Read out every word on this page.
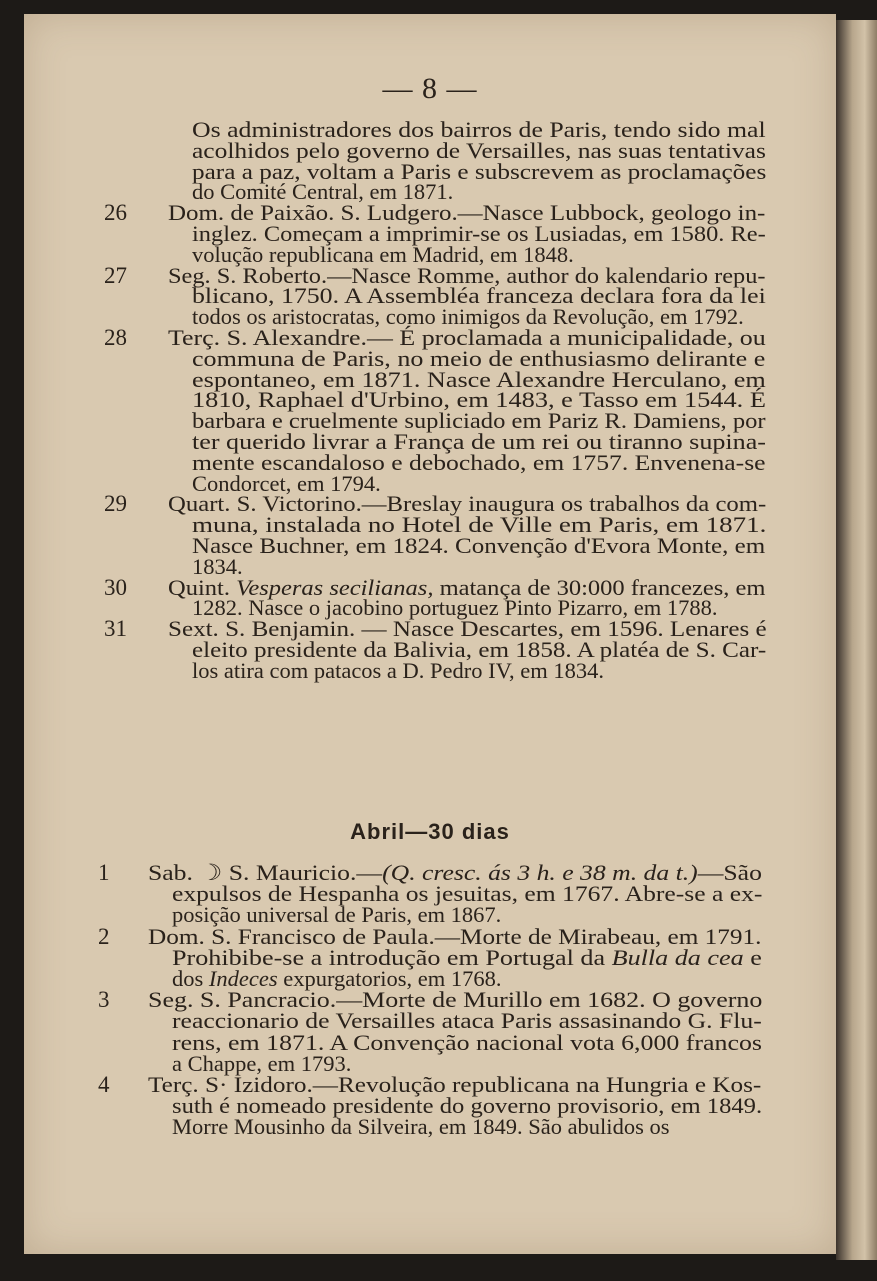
— 8 —
Abril—30 dias
Os administradores dos bairros de Paris, tendo sido mal
acolhidos pelo governo de Versailles, nas suas tentativas
para a paz, voltam a Paris e subscrevem as proclamações
do Comité Central, em 1871.
26 Dom. de Paixão. S. Ludgero.—Nasce Lubbock, geologo in-
inglez. Começam a imprimir-se os Lusiadas, em 1580. Re-
volução republicana em Madrid, em 1848.
27 Seg. S. Roberto.—Nasce Romme, author do kalendario repu-
blicano, 1750. A Assembléa franceza declara fora da lei
todos os aristocratas, como inimigos da Revolução, em 1792.
28 Terç. S. Alexandre.— É proclamada a municipalidade, ou
communa de Paris, no meio de enthusiasmo delirante e
espontaneo, em 1871. Nasce Alexandre Herculano, em
1810, Raphael d'Urbino, em 1483, e Tasso em 1544. É
barbara e cruelmente supliciado em Pariz R. Damiens, por
ter querido livrar a França de um rei ou tiranno supina-
mente escandaloso e debochado, em 1757. Envenena-se
Condorcet, em 1794.
29 Quart. S. Victorino.—Breslay inaugura os trabalhos da com-
muna, instalada no Hotel de Ville em Paris, em 1871.
Nasce Buchner, em 1824. Convenção d'Evora Monte, em
1834.
30 Quint. Vesperas secilianas, matança de 30:000 francezes, em
1282. Nasce o jacobino portuguez Pinto Pizarro, em 1788.
31 Sext. S. Benjamin. — Nasce Descartes, em 1596. Lenares é
eleito presidente da Balivia, em 1858. A platéa de S. Car-
los atira com patacos a D. Pedro IV, em 1834.
1 Sab. ☽ S. Mauricio.—(Q. cresc. ás 3 h. e 38 m. da t.)—São
expulsos de Hespanha os jesuitas, em 1767. Abre-se a ex-
posição universal de Paris, em 1867.
2 Dom. S. Francisco de Paula.—Morte de Mirabeau, em 1791.
Prohibibe-se a introdução em Portugal da Bulla da cea e
dos Indeces expurgatorios, em 1768.
3 Seg. S. Pancracio.—Morte de Murillo em 1682. O governo
reaccionario de Versailles ataca Paris assasinando G. Flu-
rens, em 1871. A Convenção nacional vota 6,000 francos
a Chappe, em 1793.
4 Terç. S· Izidoro.—Revolução republicana na Hungria e Kos-
suth é nomeado presidente do governo provisorio, em 1849.
Morre Mousinho da Silveira, em 1849. São abulidos os
